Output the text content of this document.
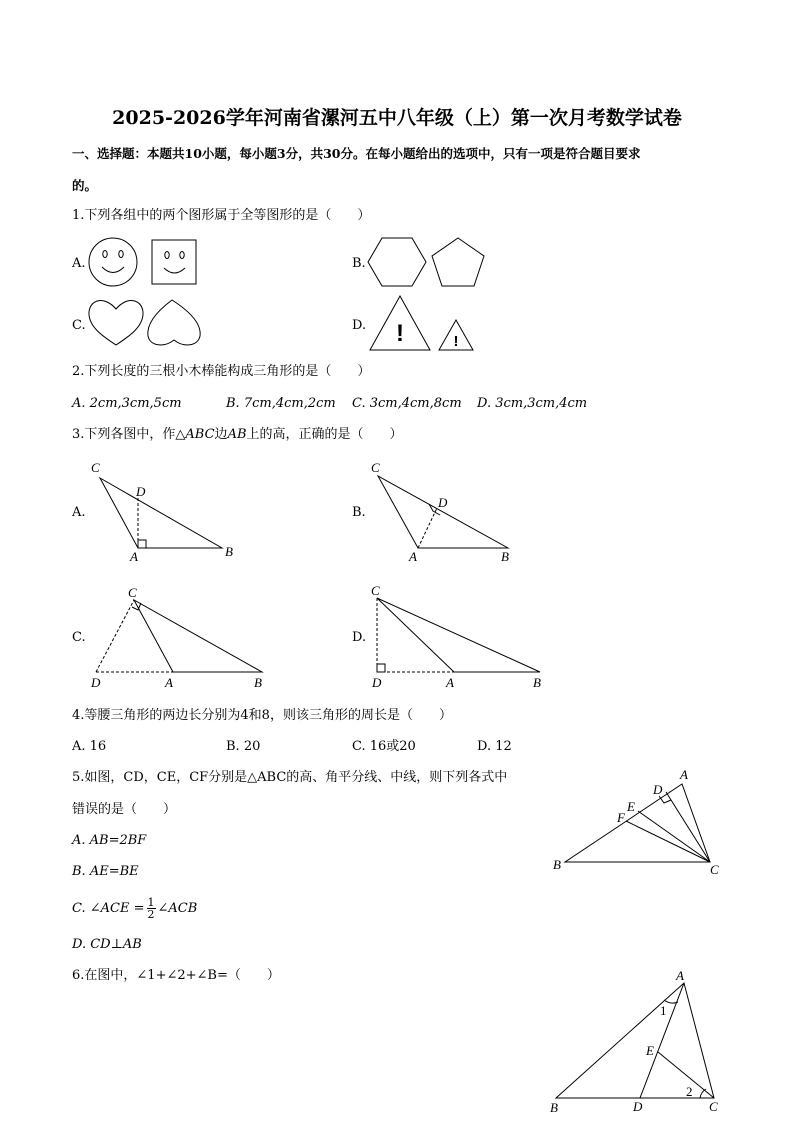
2025-2026学年河南省漯河五中八年级（上）第一次月考数学试卷
一、选择题：本题共10小题，每小题3分，共30分。在每小题给出的选项中，只有一项是符合题目要求
的。
1.下列各组中的两个图形属于全等图形的是（　　）
A.	B.
C.	D. !	!
2.下列长度的三根小木棒能构成三角形的是（　　）
A. 2cm,3cm,5cm	B. 7cm,4cm,2cm C. 3cm,4cm,8cm D. 3cm,3cm,4cm
3.下列各图中，作△ABC边AB上的高，正确的是（　　）
A.	B.
C.	D.
C
D
A	B
C
D
A	B
C
D	A	B
C
D	A	B
4.等腰三角形的两边长分别为4和8，则该三角形的周长是（　　）
A. 16	B. 20	C. 16或20	D. 12
5.如图，CD，CE，CF分别是△ABC的高、角平分线、中线，则下列各式中
错误的是（　　）
A. AB=2BF
B. AE=BE
C. ∠ACE = $\frac{1}{2}$ ∠ACB
D. CD⊥AB
A
D
E
F
B	C
6.在图中，∠1+∠2+∠B=（　　）	A
1
E
2
B	D	C
